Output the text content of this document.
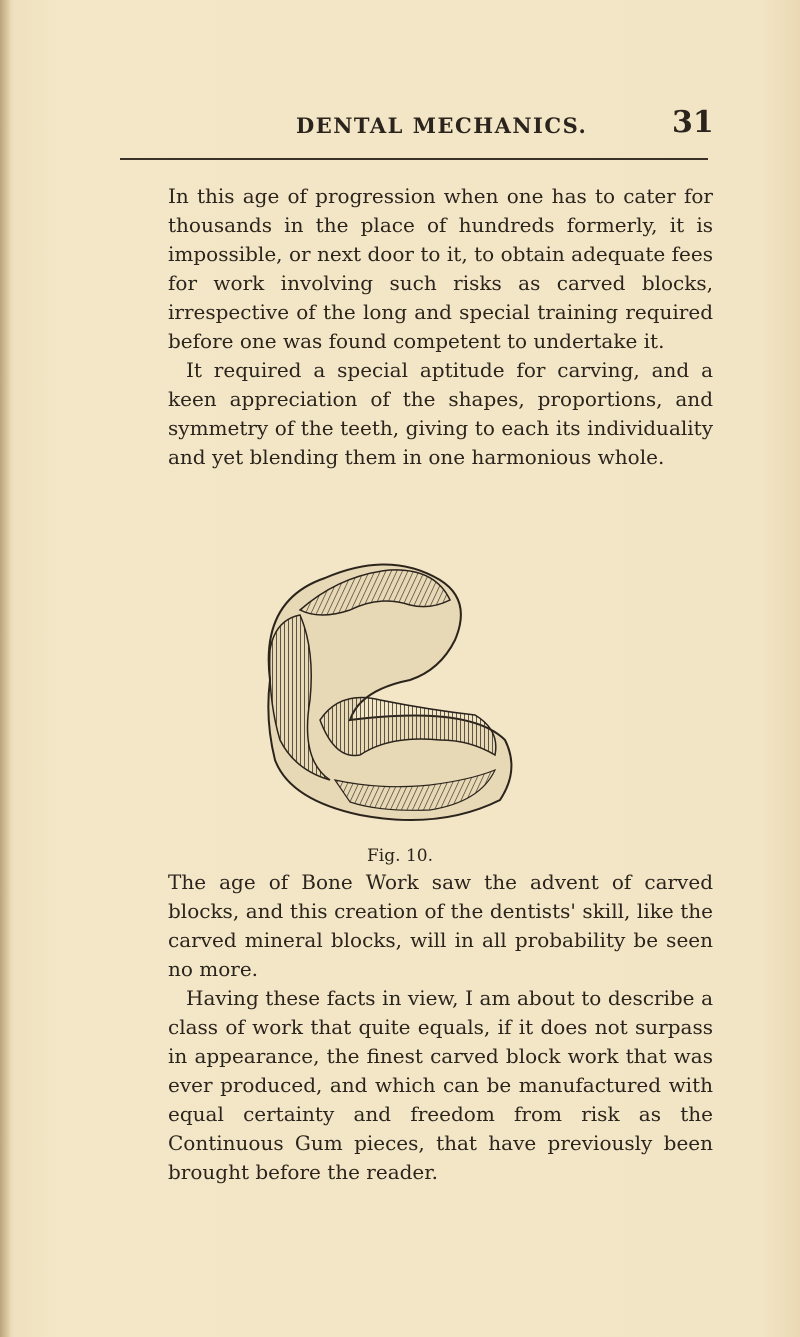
DENTAL MECHANICS.	31

In this age of progression when one has to cater for thousands in the place of hundreds formerly, it is impossible, or next door to it, to obtain adequate fees for work involving such risks as carved blocks, irrespective of the long and special training required before one was found competent to undertake it.

It required a special aptitude for carving, and a keen appreciation of the shapes, proportions, and symmetry of the teeth, giving to each its individuality and yet blending them in one harmonious whole.

Fig. 10.

The age of Bone Work saw the advent of carved blocks, and this creation of the dentists' skill, like the carved mineral blocks, will in all probability be seen no more.

Having these facts in view, I am about to describe a class of work that quite equals, if it does not surpass in appearance, the finest carved block work that was ever produced, and which can be manufactured with equal certainty and freedom from risk as the Continuous Gum pieces, that have previously been brought before the reader.
